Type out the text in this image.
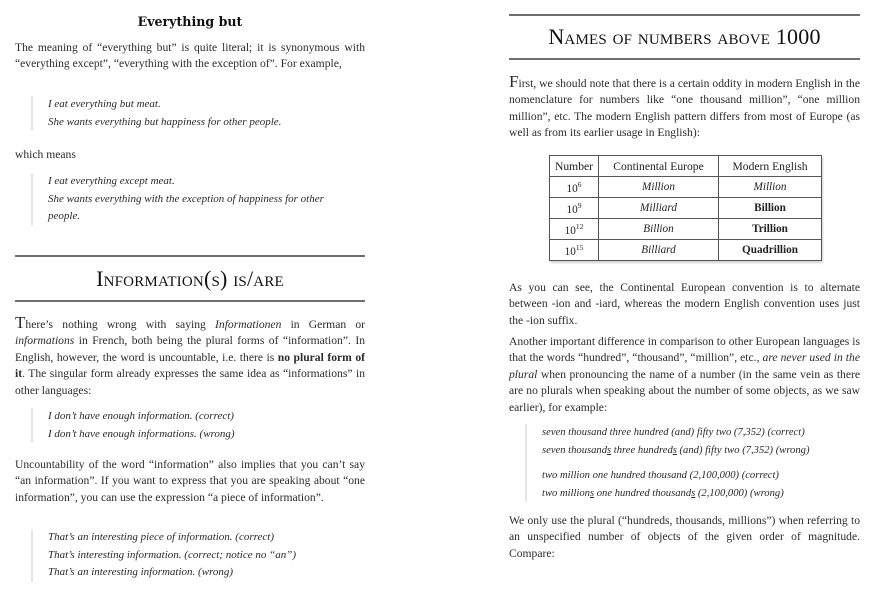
Everything but

The meaning of “everything but” is quite literal; it is synonymous with “everything except”, “everything with the exception of”. For example,

I eat everything but meat.
She wants everything but happiness for other people.

which means

I eat everything except meat.
She wants everything with the exception of happiness for other people.
Information(s) is/are

There’s nothing wrong with saying Informationen in German or informations in French, both being the plural forms of “information”. In English, however, the word is uncountable, i.e. there is no plural form of it. The singular form already expresses the same idea as “informations” in other languages:

I don’t have enough information. (correct)
I don’t have enough informations. (wrong)

Uncountability of the word “information” also implies that you can’t say “an information”. If you want to express that you are speaking about “one information”, you can use the expression “a piece of information”.

That’s an interesting piece of information. (correct)
That’s interesting information. (correct; notice no “an”)
That’s an interesting information. (wrong)
Names of numbers above 1000

First, we should note that there is a certain oddity in modern English in the nomenclature for numbers like “one thousand million”, “one million million”, etc. The modern English pattern differs from most of Europe (as well as from its earlier usage in English):

Number	Continental Europe	Modern English
$10^6$	Million	Million
$10^9$	Milliard	Billion
$10^{12}$	Billion	Trillion
$10^{15}$	Billiard	Quadrillion

As you can see, the Continental European convention is to alternate between -ion and -iard, whereas the modern English convention uses just the -ion suffix.

Another important difference in comparison to other European languages is that the words “hundred”, “thousand”, “million”, etc., are never used in the plural when pronouncing the name of a number (in the same vein as there are no plurals when speaking about the number of some objects, as we saw earlier), for example:

seven thousand three hundred (and) fifty two (7,352) (correct)
seven thousands three hundreds (and) fifty two (7,352) (wrong)
two million one hundred thousand (2,100,000) (correct)
two millions one hundred thousands (2,100,000) (wrong)

We only use the plural (“hundreds, thousands, millions”) when referring to an unspecified number of objects of the given order of magnitude. Compare:
